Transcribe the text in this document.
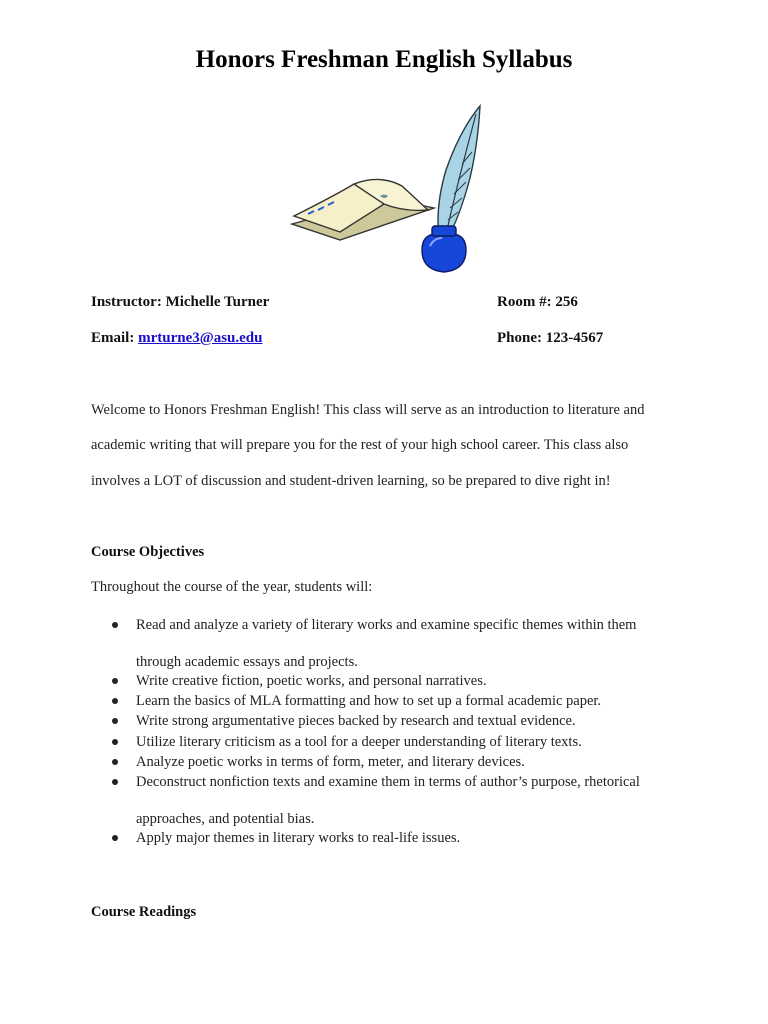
Honors Freshman English Syllabus
Instructor: Michelle Turner	Room #: 256
Email: mrturne3@asu.edu	Phone: 123-4567
Welcome to Honors Freshman English! This class will serve as an introduction to literature and
academic writing that will prepare you for the rest of your high school career. This class also
involves a LOT of discussion and student-driven learning, so be prepared to dive right in!
Course Objectives
Throughout the course of the year, students will:
Read and analyze a variety of literary works and examine specific themes within them
through academic essays and projects.
Write creative fiction, poetic works, and personal narratives.
Learn the basics of MLA formatting and how to set up a formal academic paper.
Write strong argumentative pieces backed by research and textual evidence.
Utilize literary criticism as a tool for a deeper understanding of literary texts.
Analyze poetic works in terms of form, meter, and literary devices.
Deconstruct nonfiction texts and examine them in terms of author’s purpose, rhetorical
approaches, and potential bias.
Apply major themes in literary works to real-life issues.
Course Readings
